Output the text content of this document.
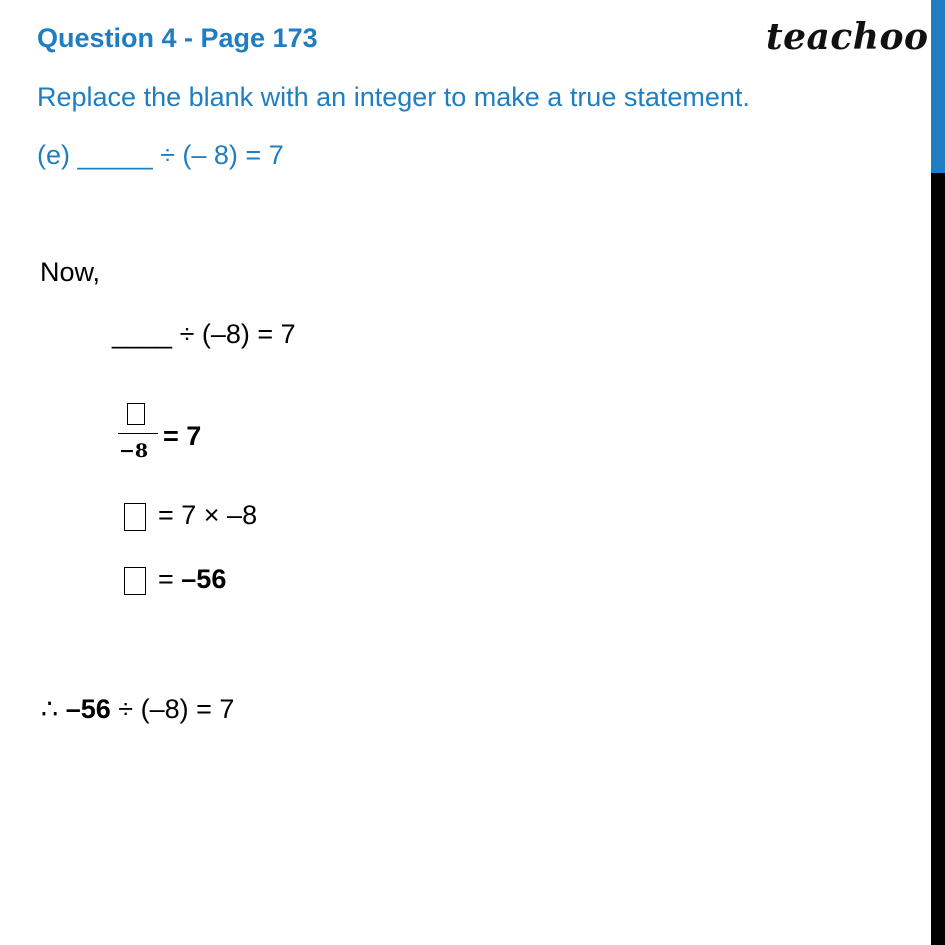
Question 4 - Page 173	teachoo
Replace the blank with an integer to make a true statement.
(e) _____ ÷ (– 8) = 7
Now,
____ ÷ (–8) = 7
−𝟖 = 7
= 7 × –8
= –56
∴ –56 ÷ (–8) = 7
